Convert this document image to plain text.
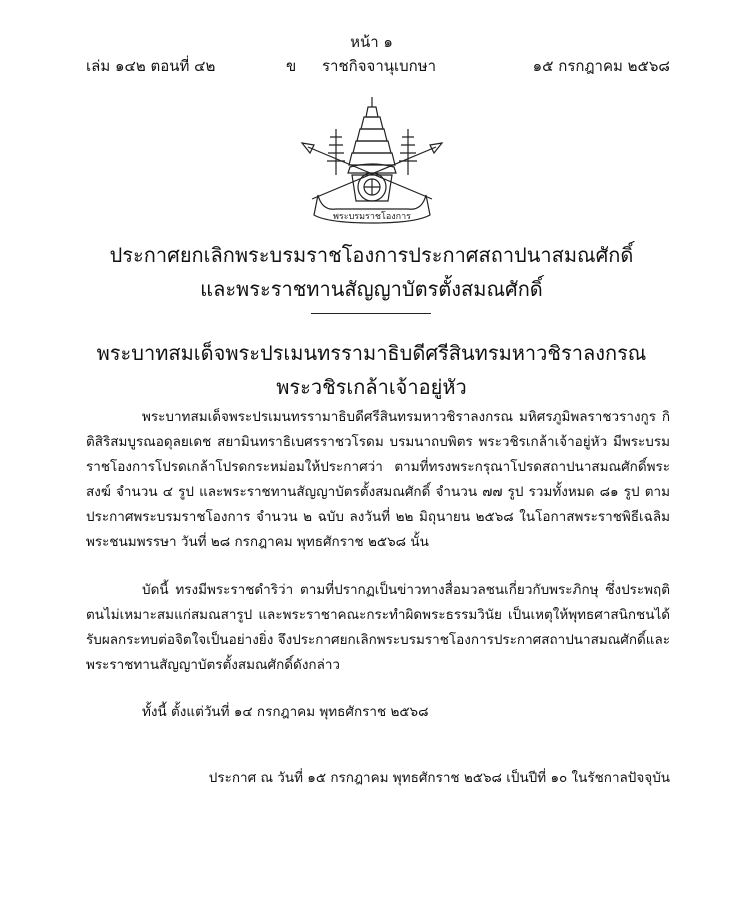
หน้า ๑
เล่ม ๑๔๒ ตอนที่ ๔๒	ข ราชกิจจานุเบกษา	๑๕ กรกฎาคม ๒๕๖๘
พระบรมราชโองการ
ประกาศยกเลิกพระบรมราชโองการประกาศสถาปนาสมณศักดิ์
และพระราชทานสัญญาบัตรตั้งสมณศักดิ์
พระบาทสมเด็จพระปรเมนทรรามาธิบดีศรีสินทรมหาวชิราลงกรณ
พระวชิรเกล้าเจ้าอยู่หัว
พระบาทสมเด็จพระปรเมนทรรามาธิบดีศรีสินทรมหาวชิราลงกรณ มหิศรภูมิพลราชวรางกูร กิติสิริสมบูรณอดุลยเดช สยามินทราธิเบศรราชวโรดม บรมนาถบพิตร พระวชิรเกล้าเจ้าอยู่หัว มีพระบรมราชโองการโปรดเกล้าโปรดกระหม่อมให้ประกาศว่า ตามที่ทรงพระกรุณาโปรดสถาปนาสมณศักดิ์พระสงฆ์ จำนวน ๔ รูป และพระราชทานสัญญาบัตรตั้งสมณศักดิ์ จำนวน ๗๗ รูป รวมทั้งหมด ๘๑ รูป ตามประกาศพระบรมราชโองการ จำนวน ๒ ฉบับ ลงวันที่ ๒๒ มิถุนายน ๒๕๖๘ ในโอกาสพระราชพิธีเฉลิมพระชนมพรรษา วันที่ ๒๘ กรกฎาคม พุทธศักราช ๒๕๖๘ นั้น
บัดนี้ ทรงมีพระราชดำริว่า ตามที่ปรากฏเป็นข่าวทางสื่อมวลชนเกี่ยวกับพระภิกษุ ซึ่งประพฤติตนไม่เหมาะสมแก่สมณสารูป และพระราชาคณะกระทำผิดพระธรรมวินัย เป็นเหตุให้พุทธศาสนิกชนได้รับผลกระทบต่อจิตใจเป็นอย่างยิ่ง จึงประกาศยกเลิกพระบรมราชโองการประกาศสถาปนาสมณศักดิ์และพระราชทานสัญญาบัตรตั้งสมณศักดิ์ดังกล่าว
ทั้งนี้ ตั้งแต่วันที่ ๑๔ กรกฎาคม พุทธศักราช ๒๕๖๘
ประกาศ ณ วันที่ ๑๕ กรกฎาคม พุทธศักราช ๒๕๖๘ เป็นปีที่ ๑๐ ในรัชกาลปัจจุบัน
